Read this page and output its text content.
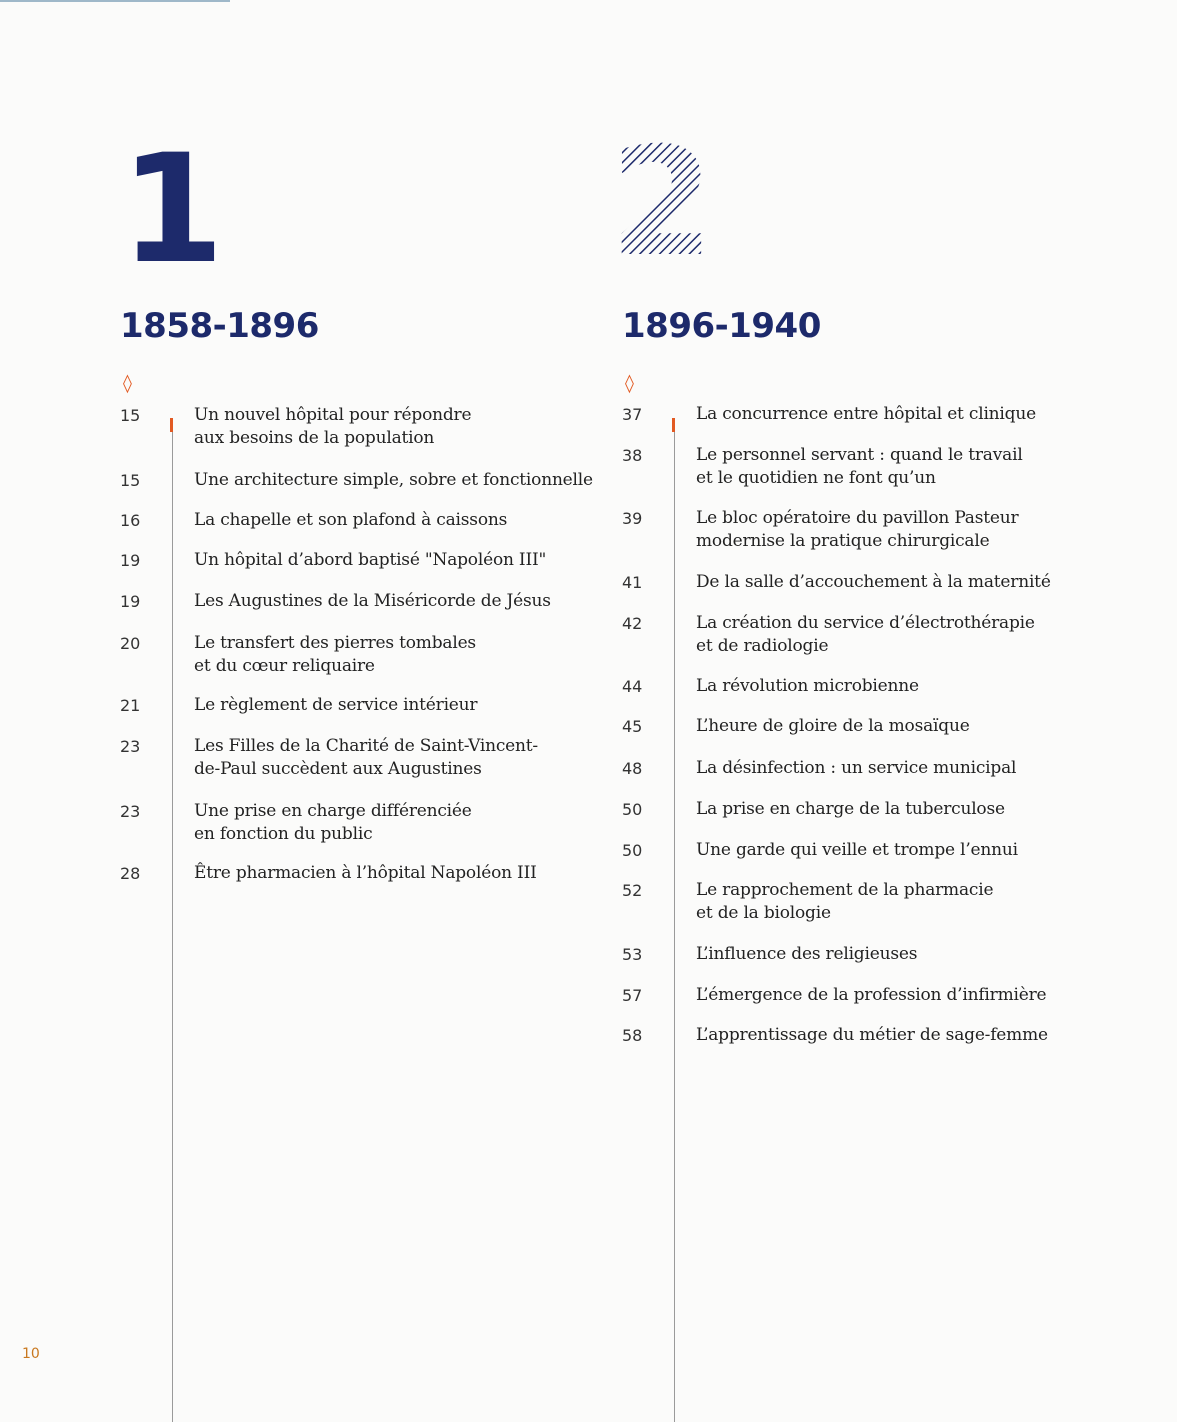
1
1858-1896
◊
15	Un nouvel hôpital pour répondre
aux besoins de la population
15	Une architecture simple, sobre et fonctionnelle
16	La chapelle et son plafond à caissons
19	Un hôpital d’abord baptisé "Napoléon III"
19	Les Augustines de la Miséricorde de Jésus
20	Le transfert des pierres tombales
et du cœur reliquaire
21	Le règlement de service intérieur
23	Les Filles de la Charité de Saint-Vincent-
de-Paul succèdent aux Augustines
23	Une prise en charge différenciée
en fonction du public
28	Être pharmacien à l’hôpital Napoléon III
2
1896-1940
◊
37	La concurrence entre hôpital et clinique
38	Le personnel servant : quand le travail
et le quotidien ne font qu’un
39	Le bloc opératoire du pavillon Pasteur
modernise la pratique chirurgicale
41	De la salle d’accouchement à la maternité
42	La création du service d’électrothérapie
et de radiologie
44	La révolution microbienne
45	L’heure de gloire de la mosaïque
48	La désinfection : un service municipal
50	La prise en charge de la tuberculose
50	Une garde qui veille et trompe l’ennui
52	Le rapprochement de la pharmacie
et de la biologie
53	L’influence des religieuses
57	L’émergence de la profession d’infirmière
58	L’apprentissage du métier de sage-femme
10
